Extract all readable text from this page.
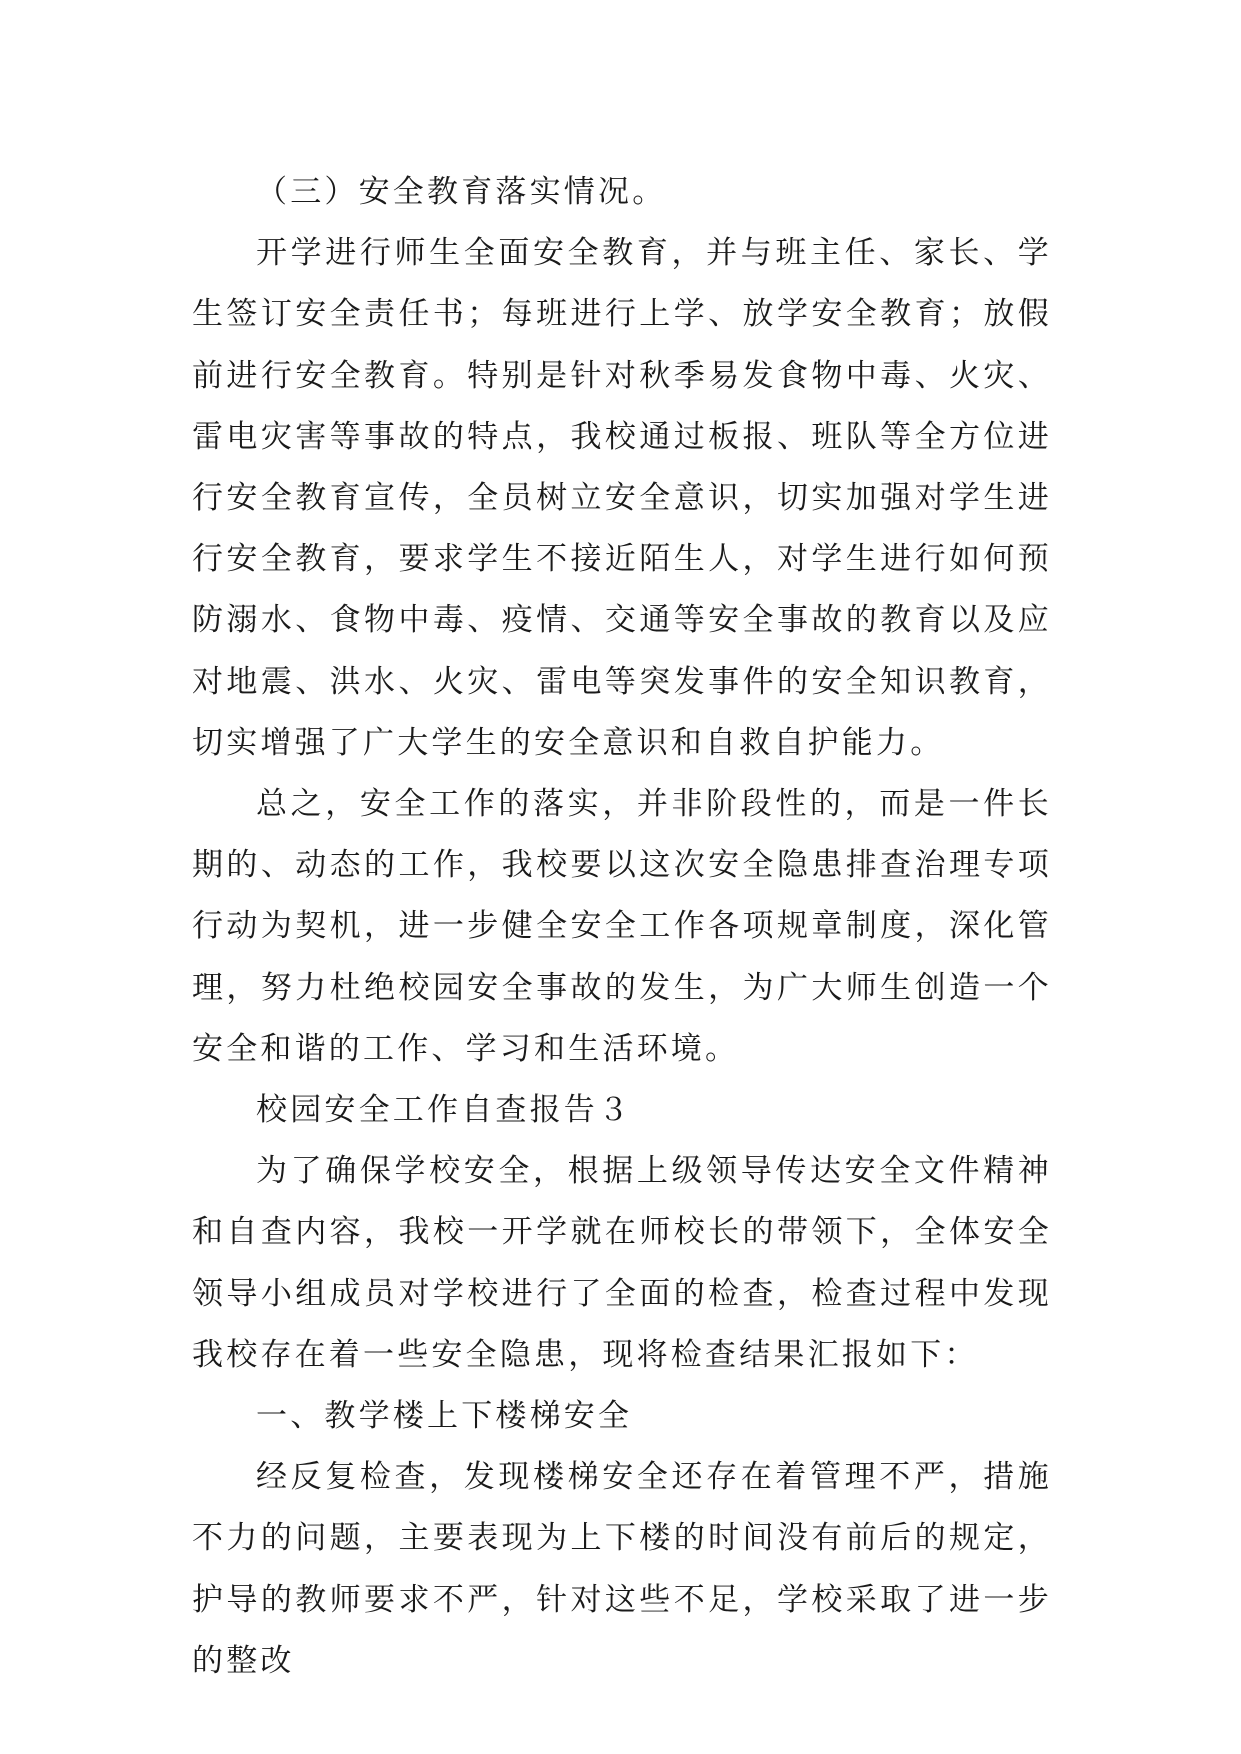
（三）安全教育落实情况。

开学进行师生全面安全教育，并与班主任、家长、学生签订安全责任书；每班进行上学、放学安全教育；放假前进行安全教育。特别是针对秋季易发食物中毒、火灾、雷电灾害等事故的特点，我校通过板报、班队等全方位进行安全教育宣传，全员树立安全意识，切实加强对学生进行安全教育，要求学生不接近陌生人，对学生进行如何预防溺水、食物中毒、疫情、交通等安全事故的教育以及应对地震、洪水、火灾、雷电等突发事件的安全知识教育，切实增强了广大学生的安全意识和自救自护能力。

总之，安全工作的落实，并非阶段性的，而是一件长期的、动态的工作，我校要以这次安全隐患排查治理专项行动为契机，进一步健全安全工作各项规章制度，深化管理，努力杜绝校园安全事故的发生，为广大师生创造一个安全和谐的工作、学习和生活环境。

校园安全工作自查报告３

为了确保学校安全，根据上级领导传达安全文件精神和自查内容，我校一开学就在师校长的带领下，全体安全领导小组成员对学校进行了全面的检查，检查过程中发现我校存在着一些安全隐患，现将检查结果汇报如下：

一、教学楼上下楼梯安全

经反复检查，发现楼梯安全还存在着管理不严，措施不力的问题，主要表现为上下楼的时间没有前后的规定，护导的教师要求不严，针对这些不足，学校采取了进一步的整改
